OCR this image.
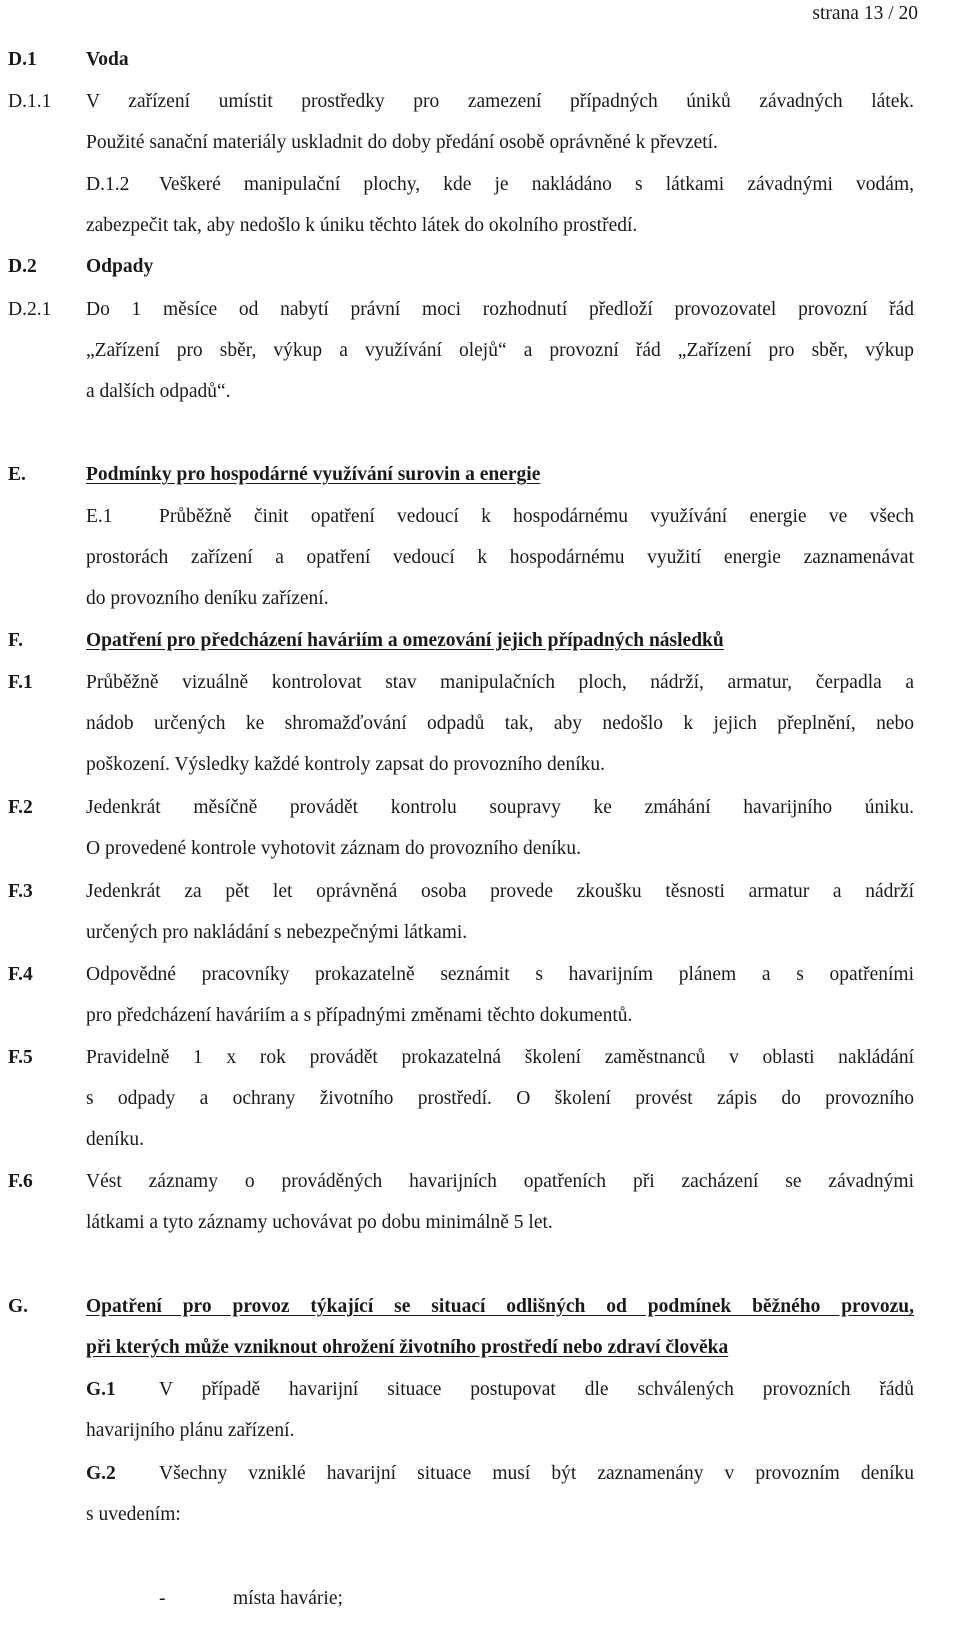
strana 13 / 20
D.1	Voda
D.1.1 V zařízení umístit prostředky pro zamezení případných úniků závadných látek.
Použité sanační materiály uskladnit do doby předání osobě oprávněné k převzetí.
D.1.2 Veškeré manipulační plochy, kde je nakládáno s látkami závadnými vodám,
zabezpečit tak, aby nedošlo k úniku těchto látek do okolního prostředí.
D.2	Odpady
D.2.1 Do 1 měsíce od nabytí právní moci rozhodnutí předloží provozovatel provozní řád
„Zařízení pro sběr, výkup a využívání olejů“ a provozní řád „Zařízení pro sběr, výkup
a dalších odpadů“.
E.	Podmínky pro hospodárné využívání surovin a energie
E.1 Průběžně činit opatření vedoucí k hospodárnému využívání energie ve všech
prostorách zařízení a opatření vedoucí k hospodárnému využití energie zaznamenávat
do provozního deníku zařízení.
F.	Opatření pro předcházení haváriím a omezování jejich případných následků
F.1	Průběžně vizuálně kontrolovat stav manipulačních ploch, nádrží, armatur, čerpadla a
nádob určených ke shromažďování odpadů tak, aby nedošlo k jejich přeplnění, nebo
poškození. Výsledky každé kontroly zapsat do provozního deníku.
F.2	Jedenkrát měsíčně provádět kontrolu soupravy ke zmáhání havarijního úniku.
O provedené kontrole vyhotovit záznam do provozního deníku.
F.3	Jedenkrát za pět let oprávněná osoba provede zkoušku těsnosti armatur a nádrží
určených pro nakládání s nebezpečnými látkami.
F.4	Odpovědné pracovníky prokazatelně seznámit s havarijním plánem a s opatřeními
pro předcházení haváriím a s případnými změnami těchto dokumentů.
F.5	Pravidelně 1 x rok provádět prokazatelná školení zaměstnanců v oblasti nakládání
s odpady a ochrany životního prostředí. O školení provést zápis do provozního
deníku.
F.6	Vést záznamy o prováděných havarijních opatřeních při zacházení se závadnými
látkami a tyto záznamy uchovávat po dobu minimálně 5 let.
G.	Opatření pro provoz týkající se situací odlišných od podmínek běžného provozu,
při kterých může vzniknout ohrožení životního prostředí nebo zdraví člověka
G.1 V případě havarijní situace postupovat dle schválených provozních řádů
havarijního plánu zařízení.
G.2 Všechny vzniklé havarijní situace musí být zaznamenány v provozním deníku
s uvedením:
-	místa havárie;
